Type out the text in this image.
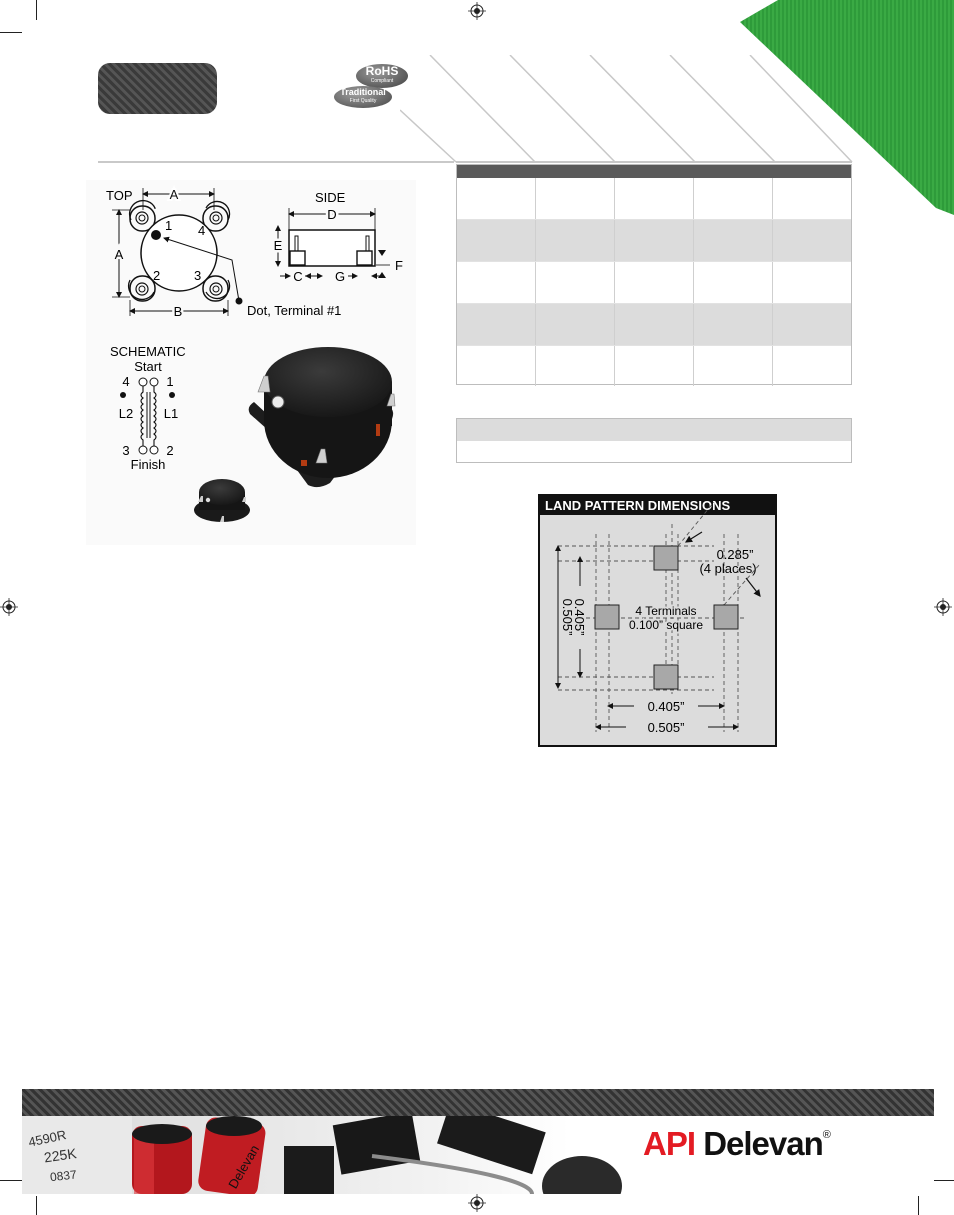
RoHS
Compliant
Traditional
First Quality
TOP	A
1 4
2	3
A
B	Dot, Terminal #1
SIDE
D
E
C G
F
SCHEMATIC
Start
4	1
L2 L1
3	2
Finish
LAND PATTERN DIMENSIONS
0.285”
(4 places)
4 Terminals
0.100” square
0.505”
0.405”
0.405”
0.505”
4590R
225K
0837	Delevan	API Delevan®
